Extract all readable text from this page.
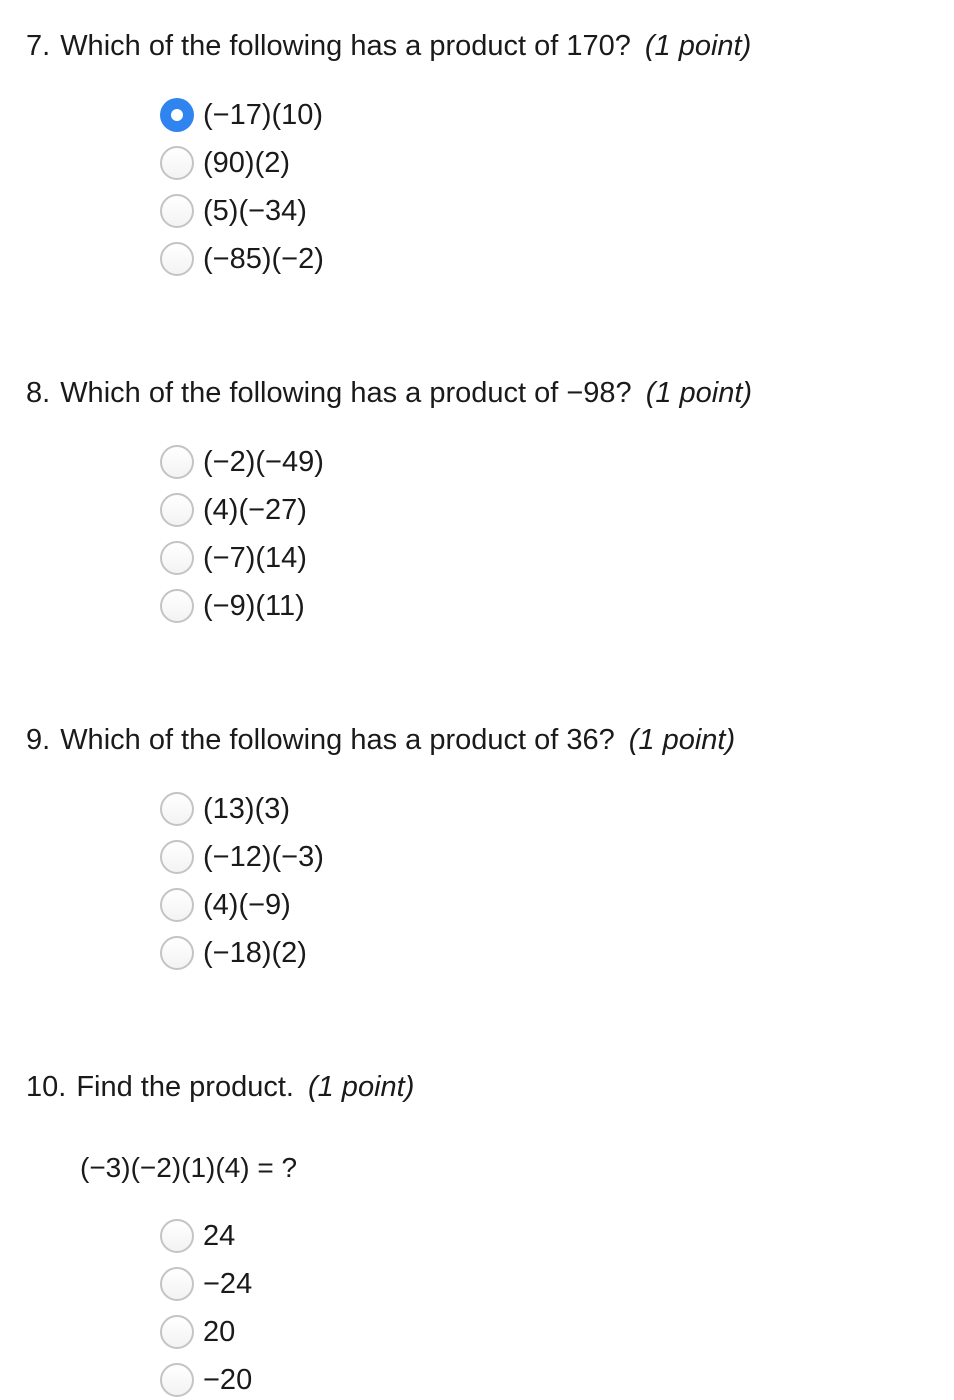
7. Which of the following has a product of 170? (1 point)
(−17)(10)
(90)(2)
(5)(−34)
(−85)(−2)
8. Which of the following has a product of −98? (1 point)
(−2)(−49)
(4)(−27)
(−7)(14)
(−9)(11)
9. Which of the following has a product of 36? (1 point)
(13)(3)
(−12)(−3)
(4)(−9)
(−18)(2)
10. Find the product. (1 point)
(−3)(−2)(1)(4) = ?
24
−24
20
−20
